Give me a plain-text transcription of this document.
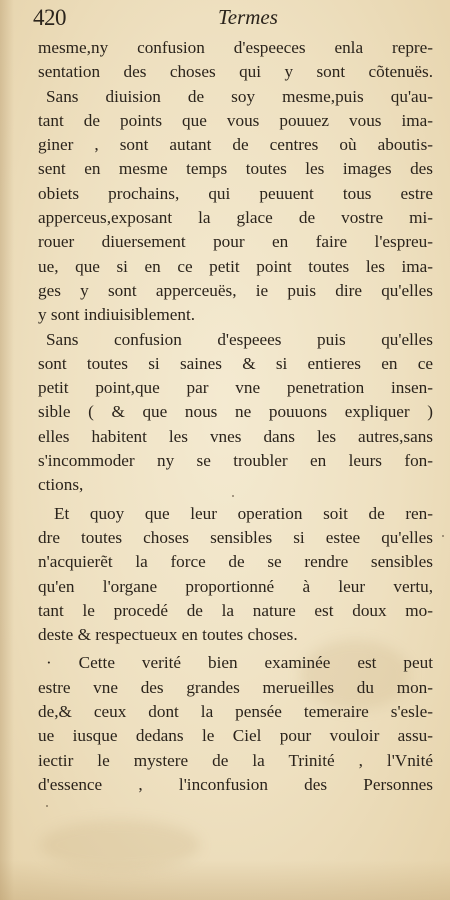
420	Termes
mesme,ny confusion d'espeeces enla repre-
sentation des choses qui y sont cõtenuës.
Sans diuision de soy mesme,puis qu'au-
tant de points que vous pouuez vous ima-
giner , sont autant de centres où aboutis-
sent en mesme temps toutes les images des
obiets prochains, qui peuuent tous estre
apperceus,exposant la glace de vostre mi-
rouer diuersement pour en faire l'espreu-
ue, que si en ce petit point toutes les ima-
ges y sont apperceuës, ie puis dire qu'elles
y sont indiuisiblement.
Sans confusion d'espeees puis qu'elles
sont toutes si saines & si entieres en ce
petit point,que par vne penetration insen-
sible ( & que nous ne pouuons expliquer )
elles habitent les vnes dans les autres,sans
s'incommoder ny se troubler en leurs fon-
ctions,
Et quoy que leur operation soit de ren-
dre toutes choses sensibles si estee qu'elles
n'acquierẽt la force de se rendre sensibles
qu'en l'organe proportionné à leur vertu,
tant le procedé de la nature est doux mo-
deste & respectueux en toutes choses.
· Cette verité bien examinée est peut
estre vne des grandes merueilles du mon-
de,& ceux dont la pensée temeraire s'esle-
ue iusque dedans le Ciel pour vouloir assu-
iectir le mystere de la Trinité , l'Vnité
d'essence , l'inconfusion des Personnes
